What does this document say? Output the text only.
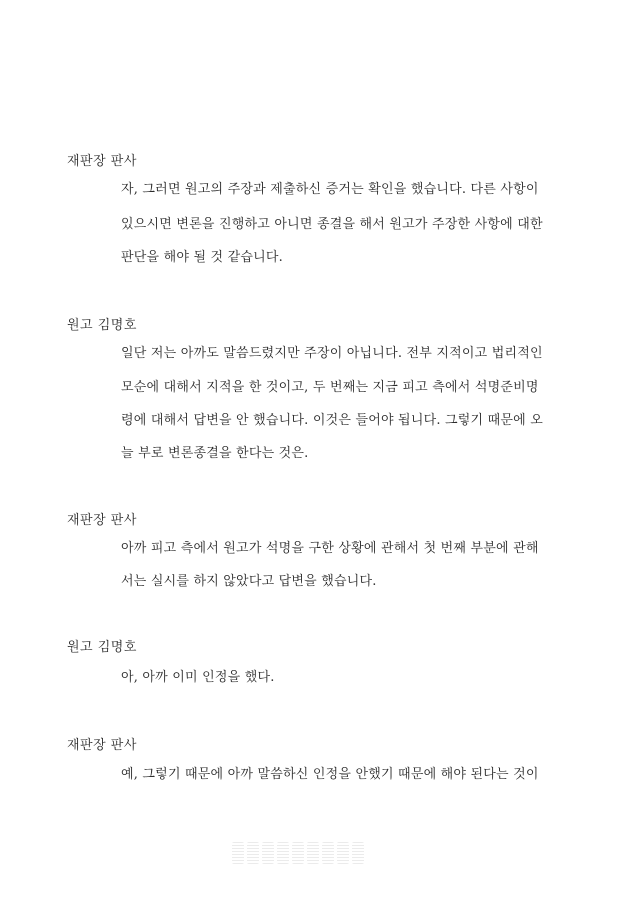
재판장 판사
자, 그러면 원고의 주장과 제출하신 증거는 확인을 했습니다. 다른 사항이
있으시면 변론을 진행하고 아니면 종결을 해서 원고가 주장한 사항에 대한
판단을 해야 될 것 같습니다.
원고 김명호
일단 저는 아까도 말씀드렸지만 주장이 아닙니다. 전부 지적이고 법리적인
모순에 대해서 지적을 한 것이고, 두 번째는 지금 피고 측에서 석명준비명
령에 대해서 답변을 안 했습니다. 이것은 들어야 됩니다. 그렇기 때문에 오
늘 부로 변론종결을 한다는 것은.
재판장 판사
아까 피고 측에서 원고가 석명을 구한 상황에 관해서 첫 번째 부분에 관해
서는 실시를 하지 않았다고 답변을 했습니다.
원고 김명호
아, 아까 이미 인정을 했다.
재판장 판사
예, 그렇기 때문에 아까 말씀하신 인정을 안했기 때문에 해야 된다는 것이
